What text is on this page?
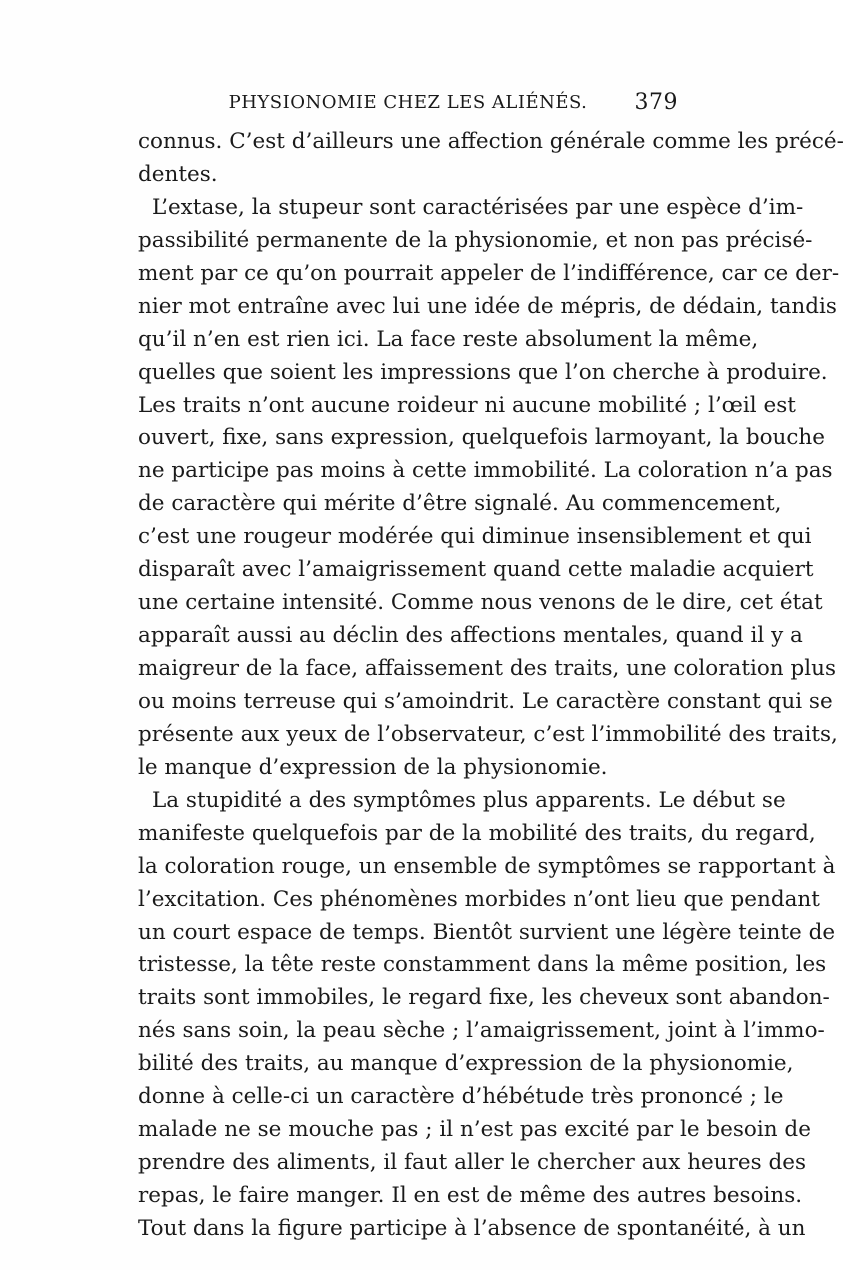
PHYSIONOMIE CHEZ LES ALIÉNÉS.	379
connus. C’est d’ailleurs une affection générale comme les précé-
dentes.
L’extase, la stupeur sont caractérisées par une espèce d’im-
passibilité permanente de la physionomie, et non pas précisé-
ment par ce qu’on pourrait appeler de l’indifférence, car ce der-
nier mot entraîne avec lui une idée de mépris, de dédain, tandis
qu’il n’en est rien ici. La face reste absolument la même,
quelles que soient les impressions que l’on cherche à produire.
Les traits n’ont aucune roideur ni aucune mobilité ; l’œil est
ouvert, fixe, sans expression, quelquefois larmoyant, la bouche
ne participe pas moins à cette immobilité. La coloration n’a pas
de caractère qui mérite d’être signalé. Au commencement,
c’est une rougeur modérée qui diminue insensiblement et qui
disparaît avec l’amaigrissement quand cette maladie acquiert
une certaine intensité. Comme nous venons de le dire, cet état
apparaît aussi au déclin des affections mentales, quand il y a
maigreur de la face, affaissement des traits, une coloration plus
ou moins terreuse qui s’amoindrit. Le caractère constant qui se
présente aux yeux de l’observateur, c’est l’immobilité des traits,
le manque d’expression de la physionomie.
La stupidité a des symptômes plus apparents. Le début se
manifeste quelquefois par de la mobilité des traits, du regard,
la coloration rouge, un ensemble de symptômes se rapportant à
l’excitation. Ces phénomènes morbides n’ont lieu que pendant
un court espace de temps. Bientôt survient une légère teinte de
tristesse, la tête reste constamment dans la même position, les
traits sont immobiles, le regard fixe, les cheveux sont abandon-
nés sans soin, la peau sèche ; l’amaigrissement, joint à l’immo-
bilité des traits, au manque d’expression de la physionomie,
donne à celle-ci un caractère d’hébétude très prononcé ; le
malade ne se mouche pas ; il n’est pas excité par le besoin de
prendre des aliments, il faut aller le chercher aux heures des
repas, le faire manger. Il en est de même des autres besoins.
Tout dans la figure participe à l’absence de spontanéité, à un
